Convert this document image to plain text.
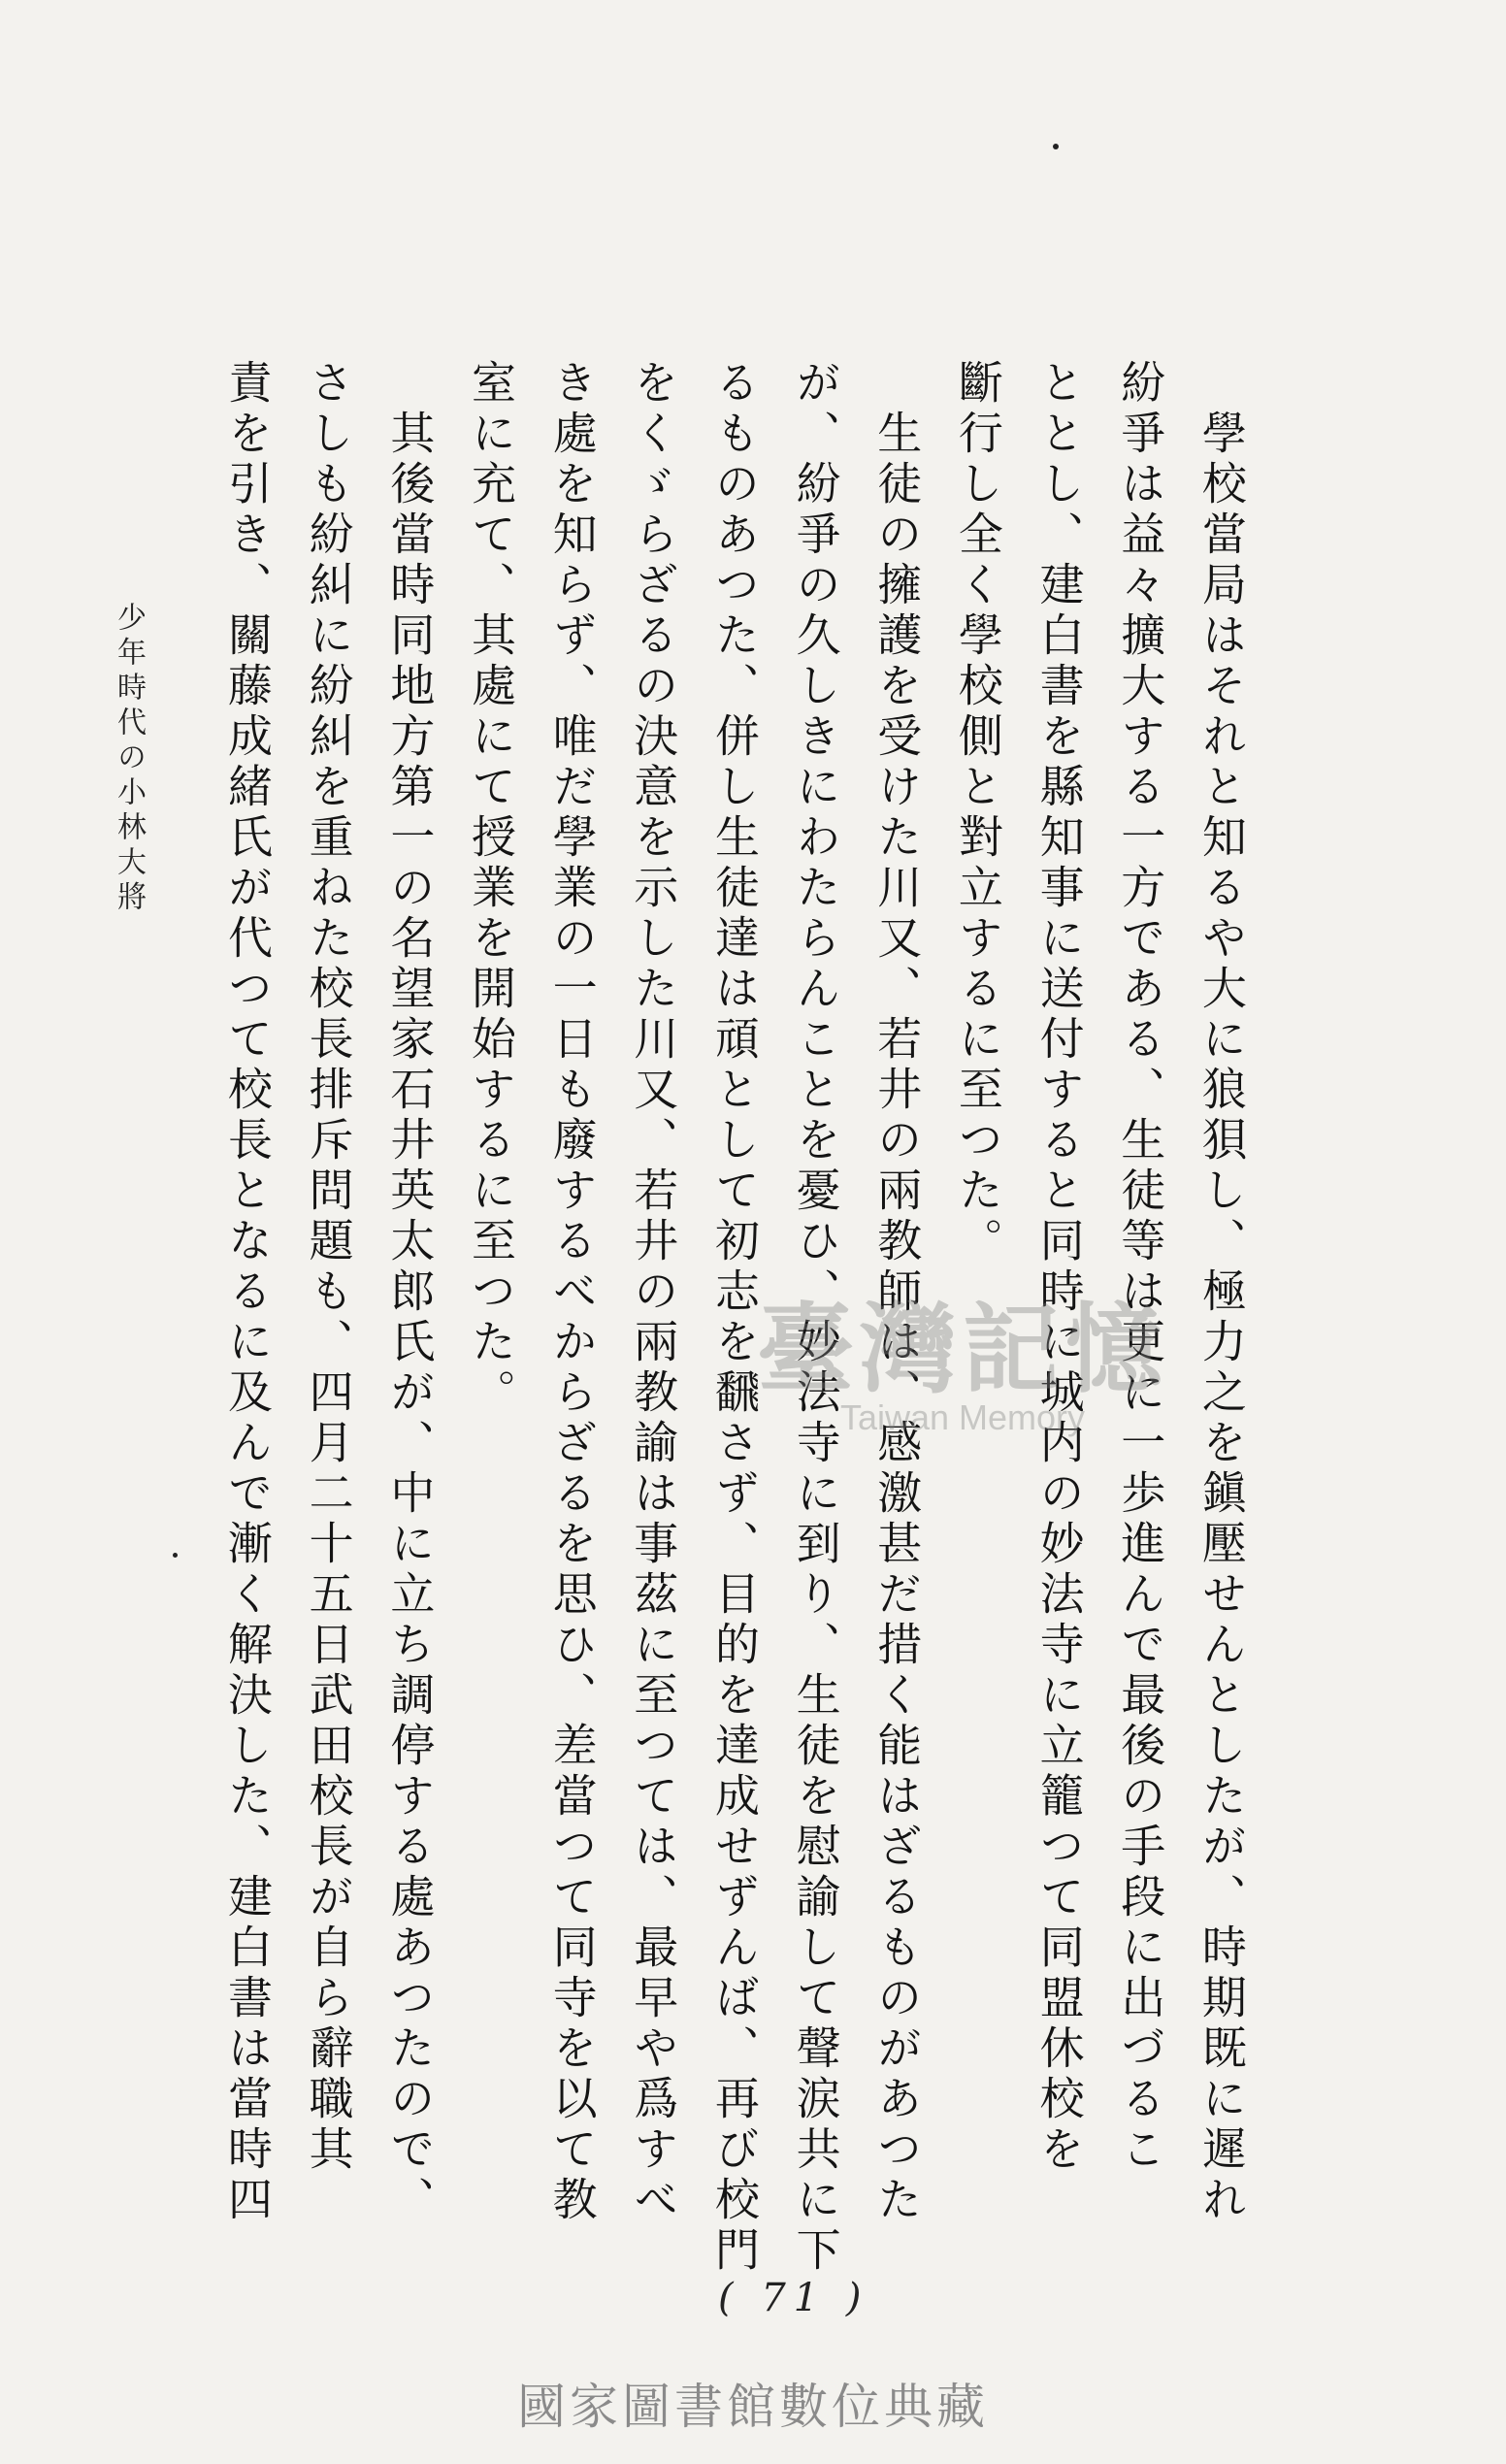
學校當局はそれと知るや大に狼狽し、極力之を鎭壓せんとしたが、時期既に遲れ
紛爭は益々擴大する一方である、生徒等は更に一歩進んで最後の手段に出づるこ
ととし、建白書を縣知事に送付すると同時に城内の妙法寺に立籠つて同盟休校を
斷行し全く學校側と對立するに至つた。
生徒の擁護を受けた川又、若井の兩教師は、感激甚だ措く能はざるものがあつた
が、紛爭の久しきにわたらんことを憂ひ、妙法寺に到り、生徒を慰諭して聲涙共に下
るものあつた、併し生徒達は頑として初志を飜さず、目的を達成せずんば、再び校門
をくゞらざるの決意を示した川又、若井の兩教諭は事茲に至つては、最早や爲すべ
き處を知らず、唯だ學業の一日も廢するべからざるを思ひ、差當つて同寺を以て教
室に充て、其處にて授業を開始するに至つた。
其後當時同地方第一の名望家石井英太郎氏が、中に立ち調停する處あつたので、
さしも紛糾に紛糾を重ねた校長排斥問題も、四月二十五日武田校長が自ら辭職其
責を引き、關藤成緒氏が代つて校長となるに及んで漸く解決した、建白書は當時四
少年時代の小林大將
( 71 )
臺灣記憶
Taiwan Memory
國家圖書館數位典藏
